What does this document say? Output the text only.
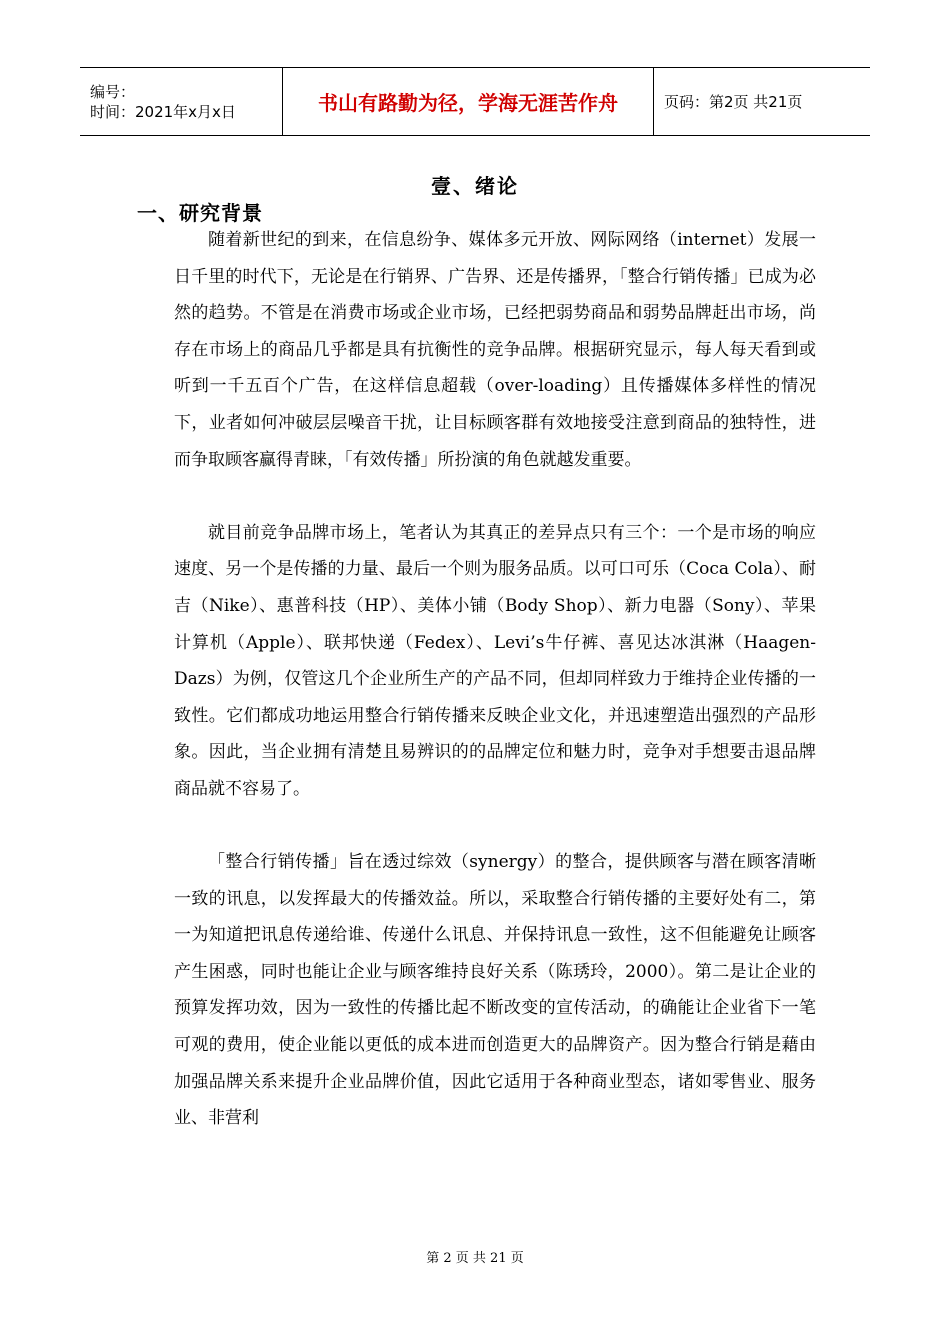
编号：
时间：2021年x月x日	书山有路勤为径，学海无涯苦作舟	页码：第2页 共21页
壹、绪论
一、研究背景

随着新世纪的到来，在信息纷争、媒体多元开放、网际网络（internet）发展一日千里的时代下，无论是在行销界、广告界、还是传播界，「整合行销传播」已成为必然的趋势。不管是在消费市场或企业市场，已经把弱势商品和弱势品牌赶出市场，尚存在市场上的商品几乎都是具有抗衡性的竞争品牌。根据研究显示，每人每天看到或听到一千五百个广告，在这样信息超载（over-loading）且传播媒体多样性的情况下，业者如何冲破层层噪音干扰，让目标顾客群有效地接受注意到商品的独特性，进而争取顾客赢得青睐，「有效传播」所扮演的角色就越发重要。

就目前竞争品牌市场上，笔者认为其真正的差异点只有三个：一个是市场的响应速度、另一个是传播的力量、最后一个则为服务品质。以可口可乐（Coca Cola）、耐吉（Nike）、惠普科技（HP）、美体小铺（Body Shop）、新力电器（Sony）、苹果计算机（Apple）、联邦快递（Fedex）、Levi’s牛仔裤、喜见达冰淇淋（Haagen-Dazs）为例，仅管这几个企业所生产的产品不同，但却同样致力于维持企业传播的一致性。它们都成功地运用整合行销传播来反映企业文化，并迅速塑造出强烈的产品形象。因此，当企业拥有清楚且易辨识的的品牌定位和魅力时，竞争对手想要击退品牌商品就不容易了。

「整合行销传播」旨在透过综效（synergy）的整合，提供顾客与潜在顾客清晰一致的讯息，以发挥最大的传播效益。所以，采取整合行销传播的主要好处有二，第一为知道把讯息传递给谁、传递什么讯息、并保持讯息一致性，这不但能避免让顾客产生困惑，同时也能让企业与顾客维持良好关系（陈琇玲，2000）。第二是让企业的预算发挥功效，因为一致性的传播比起不断改变的宣传活动，的确能让企业省下一笔可观的费用，使企业能以更低的成本进而创造更大的品牌资产。因为整合行销是藉由加强品牌关系来提升企业品牌价值，因此它适用于各种商业型态，诸如零售业、服务业、非营利

第 2 页 共 21 页
